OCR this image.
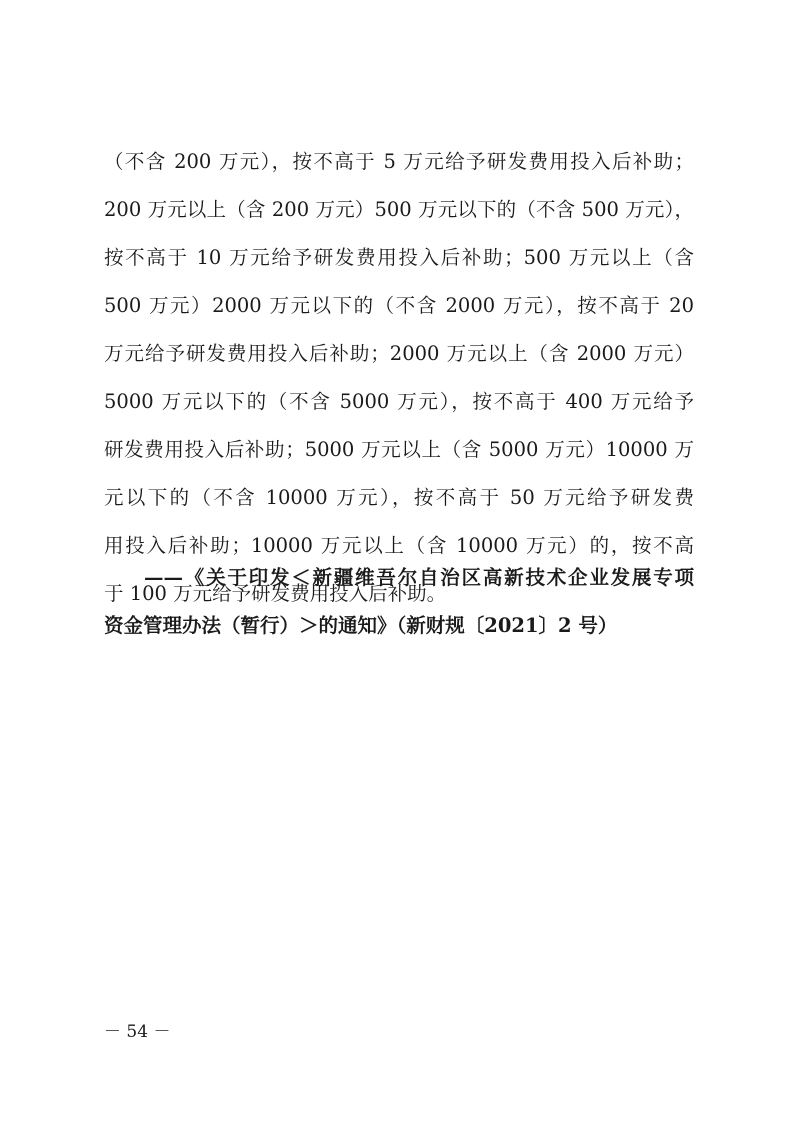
（不含 200 万元），按不高于 5 万元给予研发费用投入后补助；
200 万元以上（含 200 万元）500 万元以下的（不含 500 万元），
按不高于 10 万元给予研发费用投入后补助；500 万元以上（含
500 万元）2000 万元以下的（不含 2000 万元），按不高于 20
万元给予研发费用投入后补助；2000 万元以上（含 2000 万元）
5000 万元以下的（不含 5000 万元），按不高于 400 万元给予
研发费用投入后补助；5000 万元以上（含 5000 万元）10000 万
元以下的（不含 10000 万元），按不高于 50 万元给予研发费
用投入后补助；10000 万元以上（含 10000 万元）的，按不高
于 100 万元给予研发费用投入后补助。
——《关于印发＜新疆维吾尔自治区高新技术企业发展专项
资金管理办法（暂行）＞的通知》（新财规〔2021〕2 号）
－ 54 －
